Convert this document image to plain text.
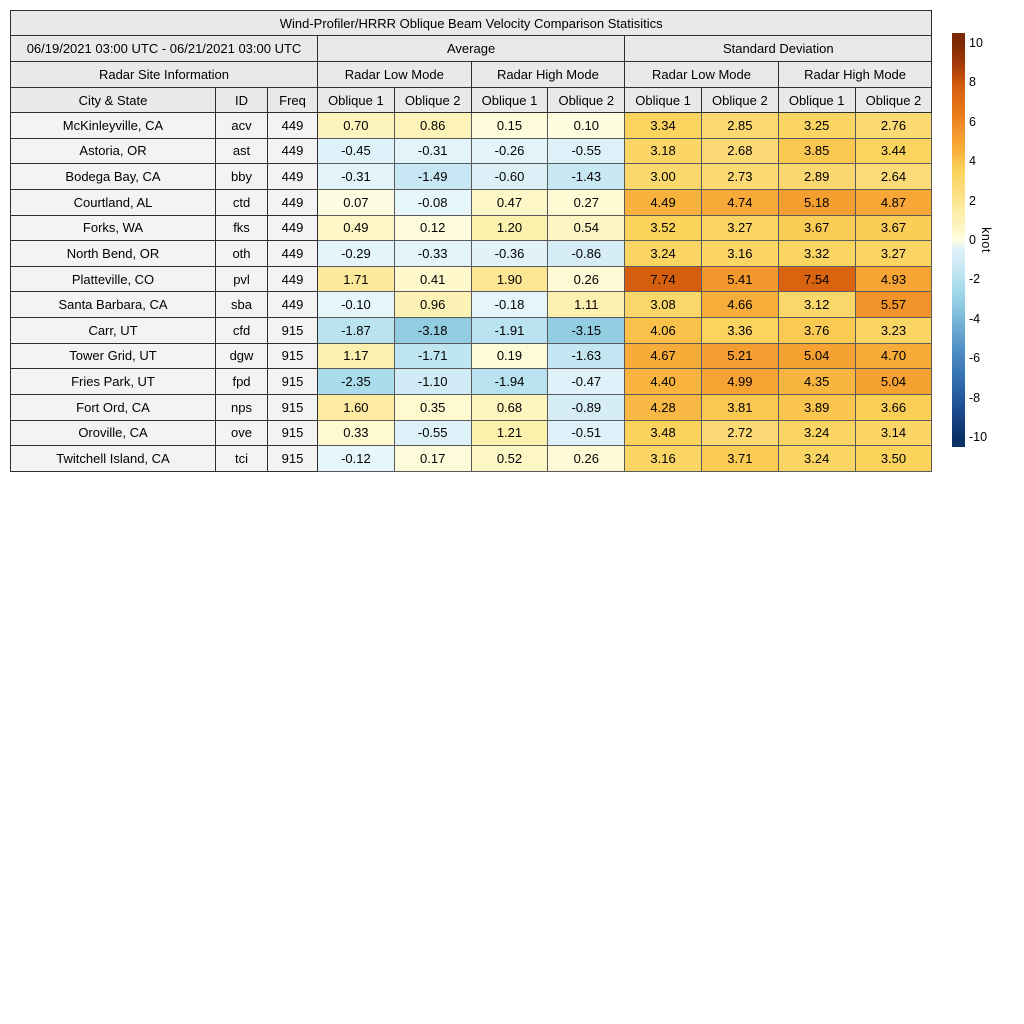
Wind-Profiler/HRRR Oblique Beam Velocity Comparison Statisitics										
06/19/2021 03:00 UTC - 06/21/2021 03:00 UTC			Average				Standard Deviation			
Radar Site Information			Radar Low Mode		Radar High Mode		Radar Low Mode		Radar High Mode	
City & State	ID	Freq	Oblique 1	Oblique 2	Oblique 1	Oblique 2	Oblique 1	Oblique 2	Oblique 1	Oblique 2
McKinleyville, CA	acv	449	0.70	0.86	0.15	0.10	3.34	2.85	3.25	2.76
Astoria, OR	ast	449	-0.45	-0.31	-0.26	-0.55	3.18	2.68	3.85	3.44
Bodega Bay, CA	bby	449	-0.31	-1.49	-0.60	-1.43	3.00	2.73	2.89	2.64
Courtland, AL	ctd	449	0.07	-0.08	0.47	0.27	4.49	4.74	5.18	4.87
Forks, WA	fks	449	0.49	0.12	1.20	0.54	3.52	3.27	3.67	3.67
North Bend, OR	oth	449	-0.29	-0.33	-0.36	-0.86	3.24	3.16	3.32	3.27
Platteville, CO	pvl	449	1.71	0.41	1.90	0.26	7.74	5.41	7.54	4.93
Santa Barbara, CA	sba	449	-0.10	0.96	-0.18	1.11	3.08	4.66	3.12	5.57
Carr, UT	cfd	915	-1.87	-3.18	-1.91	-3.15	4.06	3.36	3.76	3.23
Tower Grid, UT	dgw	915	1.17	-1.71	0.19	-1.63	4.67	5.21	5.04	4.70
Fries Park, UT	fpd	915	-2.35	-1.10	-1.94	-0.47	4.40	4.99	4.35	5.04
Fort Ord, CA	nps	915	1.60	0.35	0.68	-0.89	4.28	3.81	3.89	3.66
Oroville, CA	ove	915	0.33	-0.55	1.21	-0.51	3.48	2.72	3.24	3.14
Twitchell Island, CA	tci	915	-0.12	0.17	0.52	0.26	3.16	3.71	3.24	3.50
10
8
6
4
2
0
-2
-4
-6
-8
-10
knot
